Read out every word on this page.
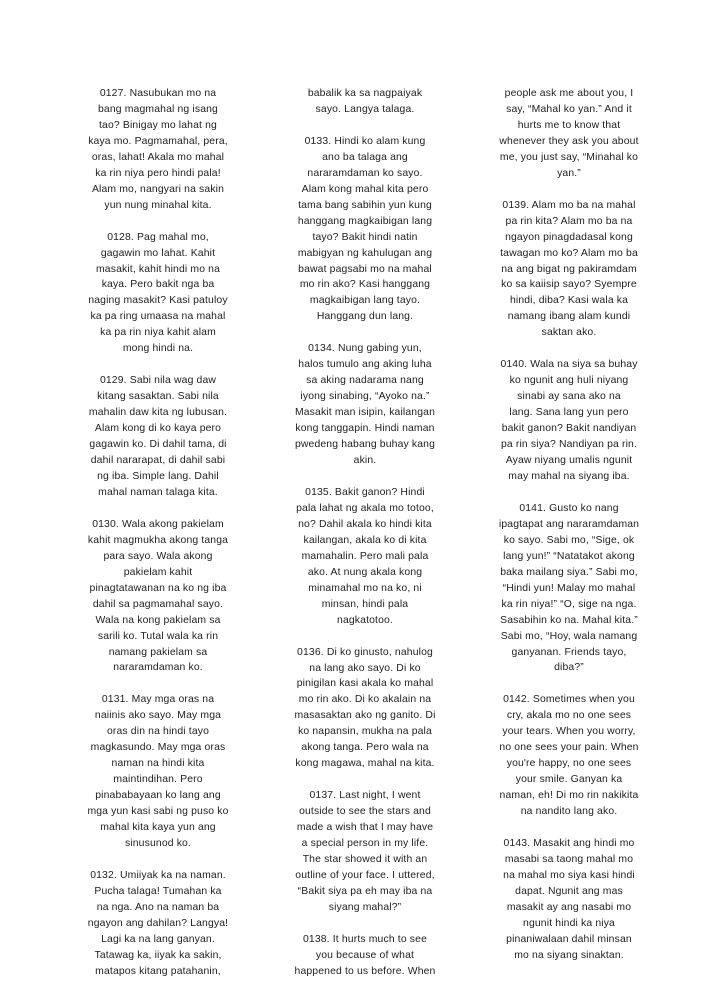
0127. Nasubukan mo na
bang magmahal ng isang
tao? Binigay mo lahat ng
kaya mo. Pagmamahal, pera,
oras, lahat! Akala mo mahal
ka rin niya pero hindi pala!
Alam mo, nangyari na sakin
yun nung minahal kita.
0128. Pag mahal mo,
gagawin mo lahat. Kahit
masakit, kahit hindi mo na
kaya. Pero bakit nga ba
naging masakit? Kasi patuloy
ka pa ring umaasa na mahal
ka pa rin niya kahit alam
mong hindi na.
0129. Sabi nila wag daw
kitang sasaktan. Sabi nila
mahalin daw kita ng lubusan.
Alam kong di ko kaya pero
gagawin ko. Di dahil tama, di
dahil nararapat, di dahil sabi
ng iba. Simple lang. Dahil
mahal naman talaga kita.
0130. Wala akong pakielam
kahit magmukha akong tanga
para sayo. Wala akong
pakielam kahit
pinagtatawanan na ko ng iba
dahil sa pagmamahal sayo.
Wala na kong pakielam sa
sarili ko. Tutal wala ka rin
namang pakielam sa
nararamdaman ko.
0131. May mga oras na
naiinis ako sayo. May mga
oras din na hindi tayo
magkasundo. May mga oras
naman na hindi kita
maintindihan. Pero
pinababayaan ko lang ang
mga yun kasi sabi ng puso ko
mahal kita kaya yun ang
sinusunod ko.
0132. Umiiyak ka na naman.
Pucha talaga! Tumahan ka
na nga. Ano na naman ba
ngayon ang dahilan? Langya!
Lagi ka na lang ganyan.
Tatawag ka, iiyak ka sakin,
matapos kitang patahanin,
babalik ka sa nagpaiyak
sayo. Langya talaga.
0133. Hindi ko alam kung
ano ba talaga ang
nararamdaman ko sayo.
Alam kong mahal kita pero
tama bang sabihin yun kung
hanggang magkaibigan lang
tayo? Bakit hindi natin
mabigyan ng kahulugan ang
bawat pagsabi mo na mahal
mo rin ako? Kasi hanggang
magkaibigan lang tayo.
Hanggang dun lang.
0134. Nung gabing yun,
halos tumulo ang aking luha
sa aking nadarama nang
iyong sinabing, “Ayoko na.”
Masakit man isipin, kailangan
kong tanggapin. Hindi naman
pwedeng habang buhay kang
akin.
0135. Bakit ganon? Hindi
pala lahat ng akala mo totoo,
no? Dahil akala ko hindi kita
kailangan, akala ko di kita
mamahalin. Pero mali pala
ako. At nung akala kong
minamahal mo na ko, ni
minsan, hindi pala
nagkatotoo.
0136. Di ko ginusto, nahulog
na lang ako sayo. Di ko
pinigilan kasi akala ko mahal
mo rin ako. Di ko akalain na
masasaktan ako ng ganito. Di
ko napansin, mukha na pala
akong tanga. Pero wala na
kong magawa, mahal na kita.
0137. Last night, I went
outside to see the stars and
made a wish that I may have
a special person in my life.
The star showed it with an
outline of your face. I uttered,
“Bakit siya pa eh may iba na
siyang mahal?”
0138. It hurts much to see
you because of what
happened to us before. When
people ask me about you, I
say, “Mahal ko yan.” And it
hurts me to know that
whenever they ask you about
me, you just say, “Minahal ko
yan.”
0139. Alam mo ba na mahal
pa rin kita? Alam mo ba na
ngayon pinagdadasal kong
tawagan mo ko? Alam mo ba
na ang bigat ng pakiramdam
ko sa kaiisip sayo? Syempre
hindi, diba? Kasi wala ka
namang ibang alam kundi
saktan ako.
0140. Wala na siya sa buhay
ko ngunit ang huli niyang
sinabi ay sana ako na
lang. Sana lang yun pero
bakit ganon? Bakit nandiyan
pa rin siya? Nandiyan pa rin.
Ayaw niyang umalis ngunit
may mahal na siyang iba.
0141. Gusto ko nang
ipagtapat ang nararamdaman
ko sayo. Sabi mo, “Sige, ok
lang yun!” “Natatakot akong
baka mailang siya.” Sabi mo,
“Hindi yun! Malay mo mahal
ka rin niya!” “O, sige na nga.
Sasabihin ko na. Mahal kita.”
Sabi mo, “Hoy, wala namang
ganyanan. Friends tayo,
diba?”
0142. Sometimes when you
cry, akala mo no one sees
your tears. When you worry,
no one sees your pain. When
you're happy, no one sees
your smile. Ganyan ka
naman, eh! Di mo rin nakikita
na nandito lang ako.
0143. Masakit ang hindi mo
masabi sa taong mahal mo
na mahal mo siya kasi hindi
dapat. Ngunit ang mas
masakit ay ang nasabi mo
ngunit hindi ka niya
pinaniwalaan dahil minsan
mo na siyang sinaktan.
